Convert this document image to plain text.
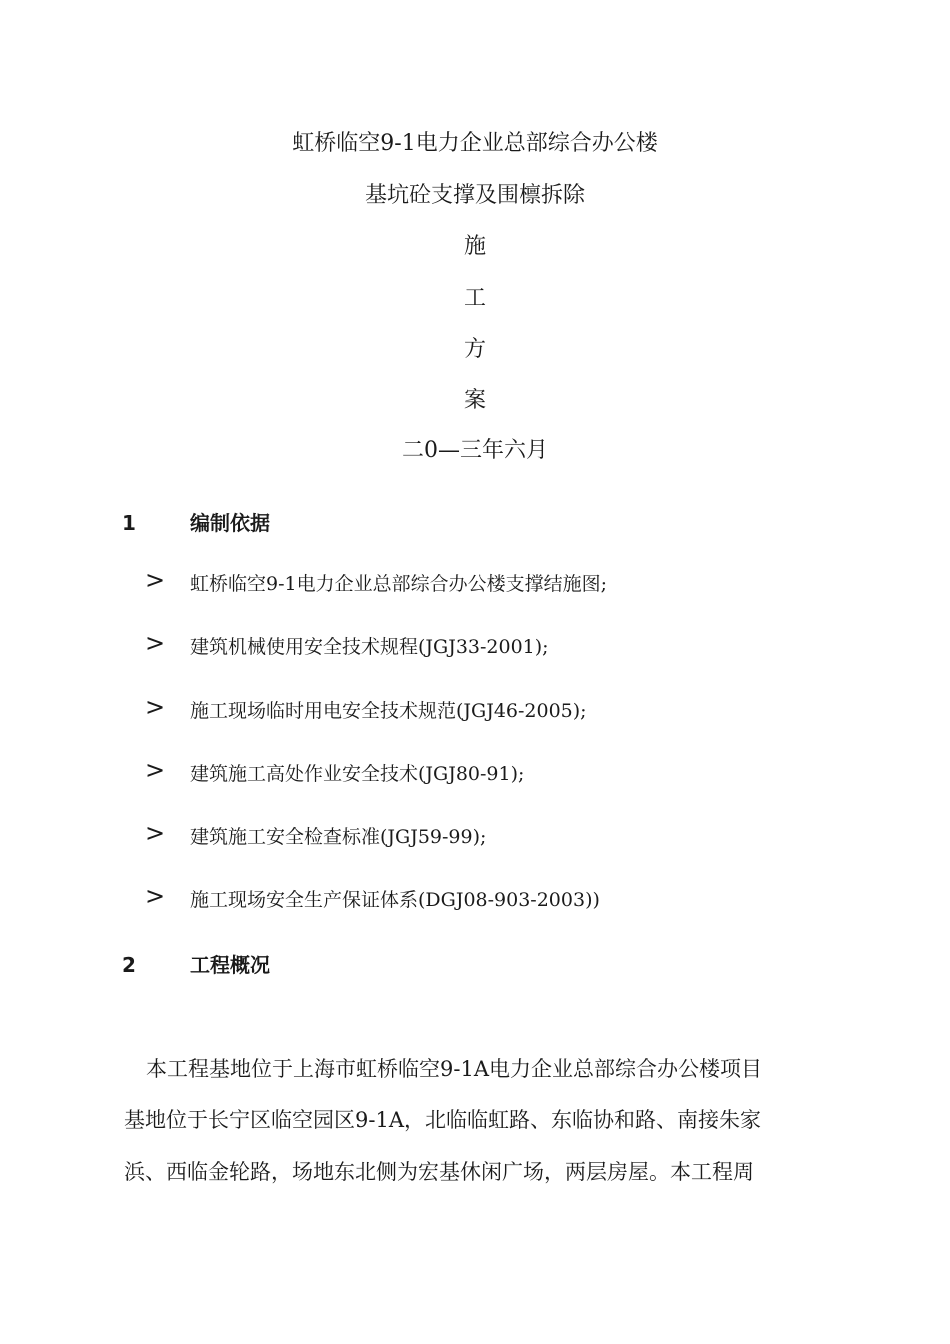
虹桥临空9-1电力企业总部综合办公楼
基坑砼支撑及围檩拆除
施
工
方
案
二0—三年六月
1	编制依据
> 虹桥临空9-1电力企业总部综合办公楼支撑结施图;
> 建筑机械使用安全技术规程(JGJ33-2001);
> 施工现场临时用电安全技术规范(JGJ46-2005);
> 建筑施工高处作业安全技术(JGJ80-91);
> 建筑施工安全检查标准(JGJ59-99);
> 施工现场安全生产保证体系(DGJ08-903-2003))
2	工程概况
本工程基地位于上海市虹桥临空9-1A电力企业总部综合办公楼项目
基地位于长宁区临空园区9-1A，北临临虹路、东临协和路、南接朱家
浜、西临金轮路，场地东北侧为宏基休闲广场，两层房屋。本工程周
